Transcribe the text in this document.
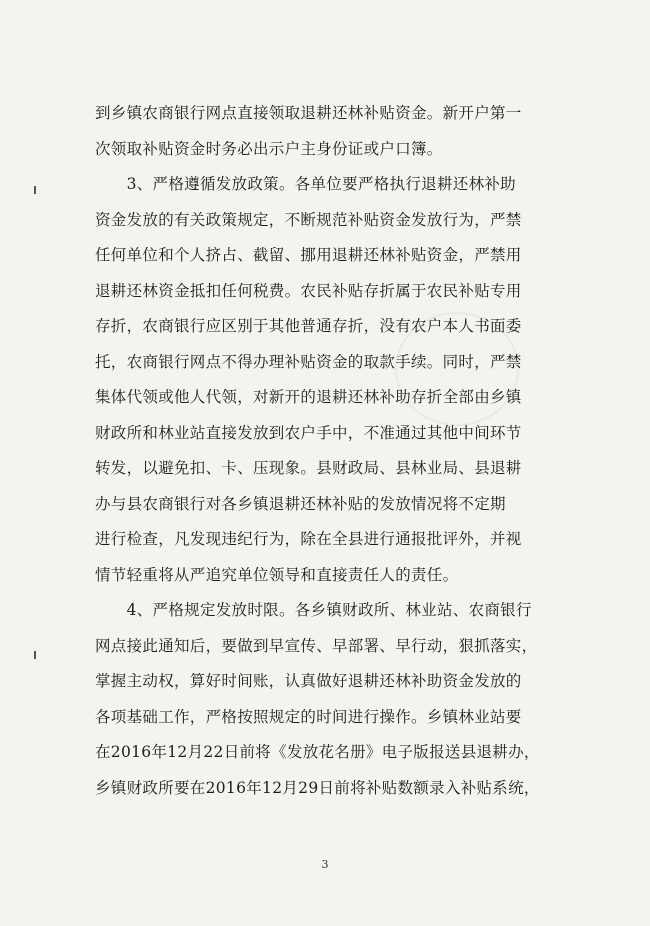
到乡镇农商银行网点直接领取退耕还林补贴资金。新开户第一
次领取补贴资金时务必出示户主身份证或户口簿。
　　3、严格遵循发放政策。各单位要严格执行退耕还林补助
资金发放的有关政策规定，不断规范补贴资金发放行为，严禁
任何单位和个人挤占、截留、挪用退耕还林补贴资金，严禁用
退耕还林资金抵扣任何税费。农民补贴存折属于农民补贴专用
存折，农商银行应区别于其他普通存折，没有农户本人书面委
托，农商银行网点不得办理补贴资金的取款手续。同时，严禁
集体代领或他人代领，对新开的退耕还林补助存折全部由乡镇
财政所和林业站直接发放到农户手中，不准通过其他中间环节
转发，以避免扣、卡、压现象。县财政局、县林业局、县退耕
办与县农商银行对各乡镇退耕还林补贴的发放情况将不定期
进行检查，凡发现违纪行为，除在全县进行通报批评外，并视
情节轻重将从严追究单位领导和直接责任人的责任。
　　4、严格规定发放时限。各乡镇财政所、林业站、农商银行
网点接此通知后，要做到早宣传、早部署、早行动，狠抓落实，
掌握主动权，算好时间账，认真做好退耕还林补助资金发放的
各项基础工作，严格按照规定的时间进行操作。乡镇林业站要
在2016年12月22日前将《发放花名册》电子版报送县退耕办，
乡镇财政所要在2016年12月29日前将补贴数额录入补贴系统，
3
